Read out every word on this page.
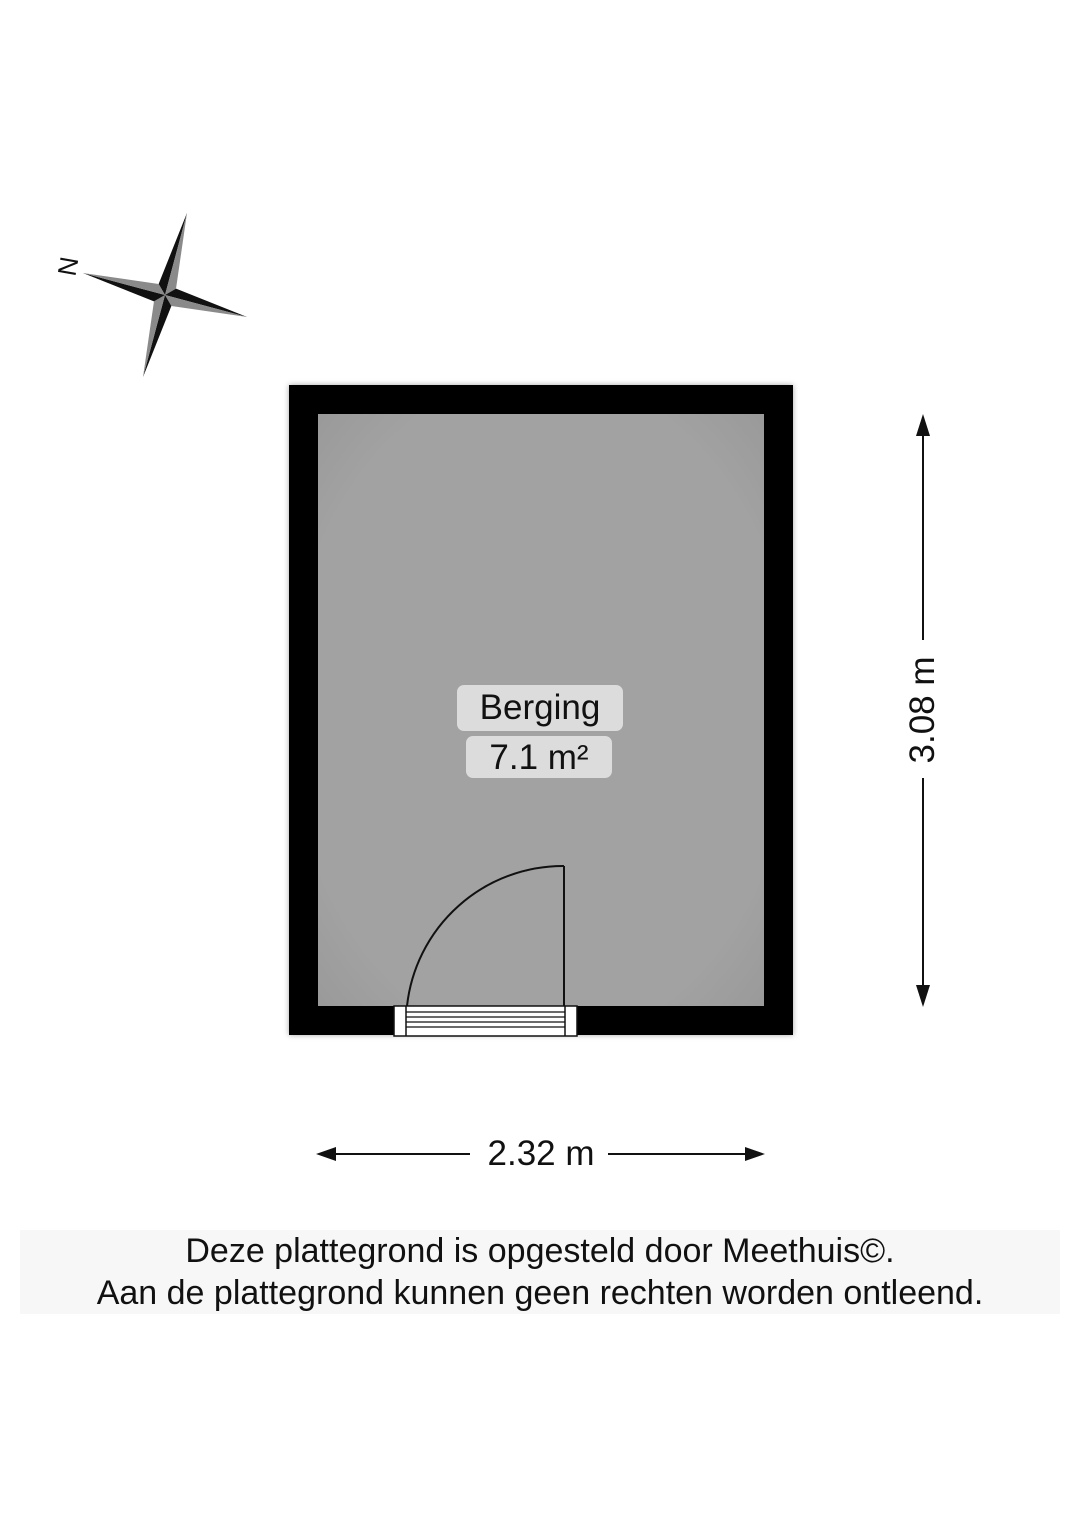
N
Berging
7.1 m²
2.32 m
3.08 m
Deze plattegrond is opgesteld door Meethuis©.
Aan de plattegrond kunnen geen rechten worden ontleend.
